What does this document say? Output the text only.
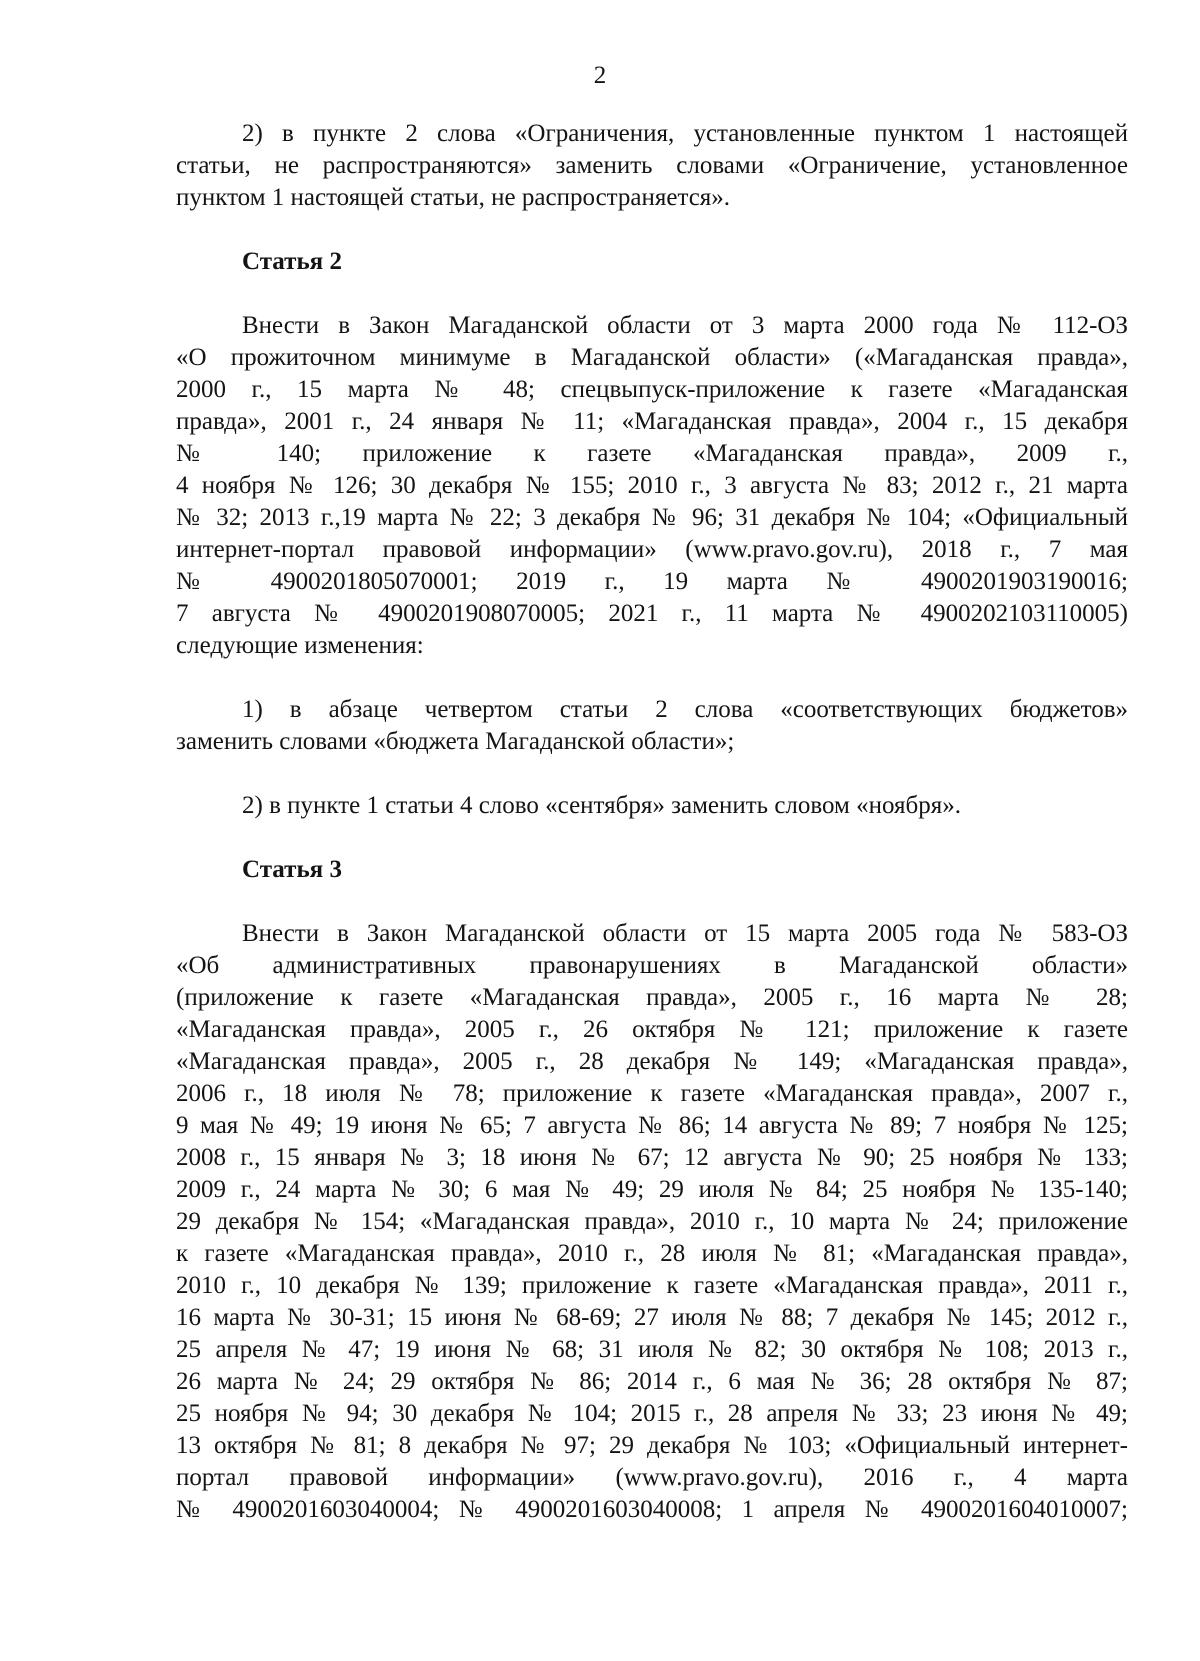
2
2) в пункте 2 слова «Ограничения, установленные пунктом 1 настоящей
статьи, не распространяются» заменить словами «Ограничение, установленное
пунктом 1 настоящей статьи, не распространяется».
Статья 2
Внести в Закон Магаданской области от 3 марта 2000 года № 112-ОЗ
«О прожиточном минимуме в Магаданской области» («Магаданская правда»,
2000 г., 15 марта № 48; спецвыпуск-приложение к газете «Магаданская
правда», 2001 г., 24 января № 11; «Магаданская правда», 2004 г., 15 декабря
№ 140; приложение к газете «Магаданская правда», 2009 г.,
4 ноября № 126; 30 декабря № 155; 2010 г., 3 августа № 83; 2012 г., 21 марта
№ 32; 2013 г.,19 марта № 22; 3 декабря № 96; 31 декабря № 104; «Официальный
интернет-портал правовой информации» (www.pravo.gov.ru), 2018 г., 7 мая
№ 4900201805070001; 2019 г., 19 марта № 4900201903190016;
7 августа № 4900201908070005; 2021 г., 11 марта № 4900202103110005)
следующие изменения:
1) в абзаце четвертом статьи 2 слова «соответствующих бюджетов»
заменить словами «бюджета Магаданской области»;
2) в пункте 1 статьи 4 слово «сентября» заменить словом «ноября».
Статья 3
Внести в Закон Магаданской области от 15 марта 2005 года № 583-ОЗ
«Об административных правонарушениях в Магаданской области»
(приложение к газете «Магаданская правда», 2005 г., 16 марта № 28;
«Магаданская правда», 2005 г., 26 октября № 121; приложение к газете
«Магаданская правда», 2005 г., 28 декабря № 149; «Магаданская правда»,
2006 г., 18 июля № 78; приложение к газете «Магаданская правда», 2007 г.,
9 мая № 49; 19 июня № 65; 7 августа № 86; 14 августа № 89; 7 ноября № 125;
2008 г., 15 января № 3; 18 июня № 67; 12 августа № 90; 25 ноября № 133;
2009 г., 24 марта № 30; 6 мая № 49; 29 июля № 84; 25 ноября № 135-140;
29 декабря № 154; «Магаданская правда», 2010 г., 10 марта № 24; приложение
к газете «Магаданская правда», 2010 г., 28 июля № 81; «Магаданская правда»,
2010 г., 10 декабря № 139; приложение к газете «Магаданская правда», 2011 г.,
16 марта № 30-31; 15 июня № 68-69; 27 июля № 88; 7 декабря № 145; 2012 г.,
25 апреля № 47; 19 июня № 68; 31 июля № 82; 30 октября № 108; 2013 г.,
26 марта № 24; 29 октября № 86; 2014 г., 6 мая № 36; 28 октября № 87;
25 ноября № 94; 30 декабря № 104; 2015 г., 28 апреля № 33; 23 июня № 49;
13 октября № 81; 8 декабря № 97; 29 декабря № 103; «Официальный интернет-
портал правовой информации» (www.pravo.gov.ru), 2016 г., 4 марта
№ 4900201603040004; № 4900201603040008; 1 апреля № 4900201604010007;
